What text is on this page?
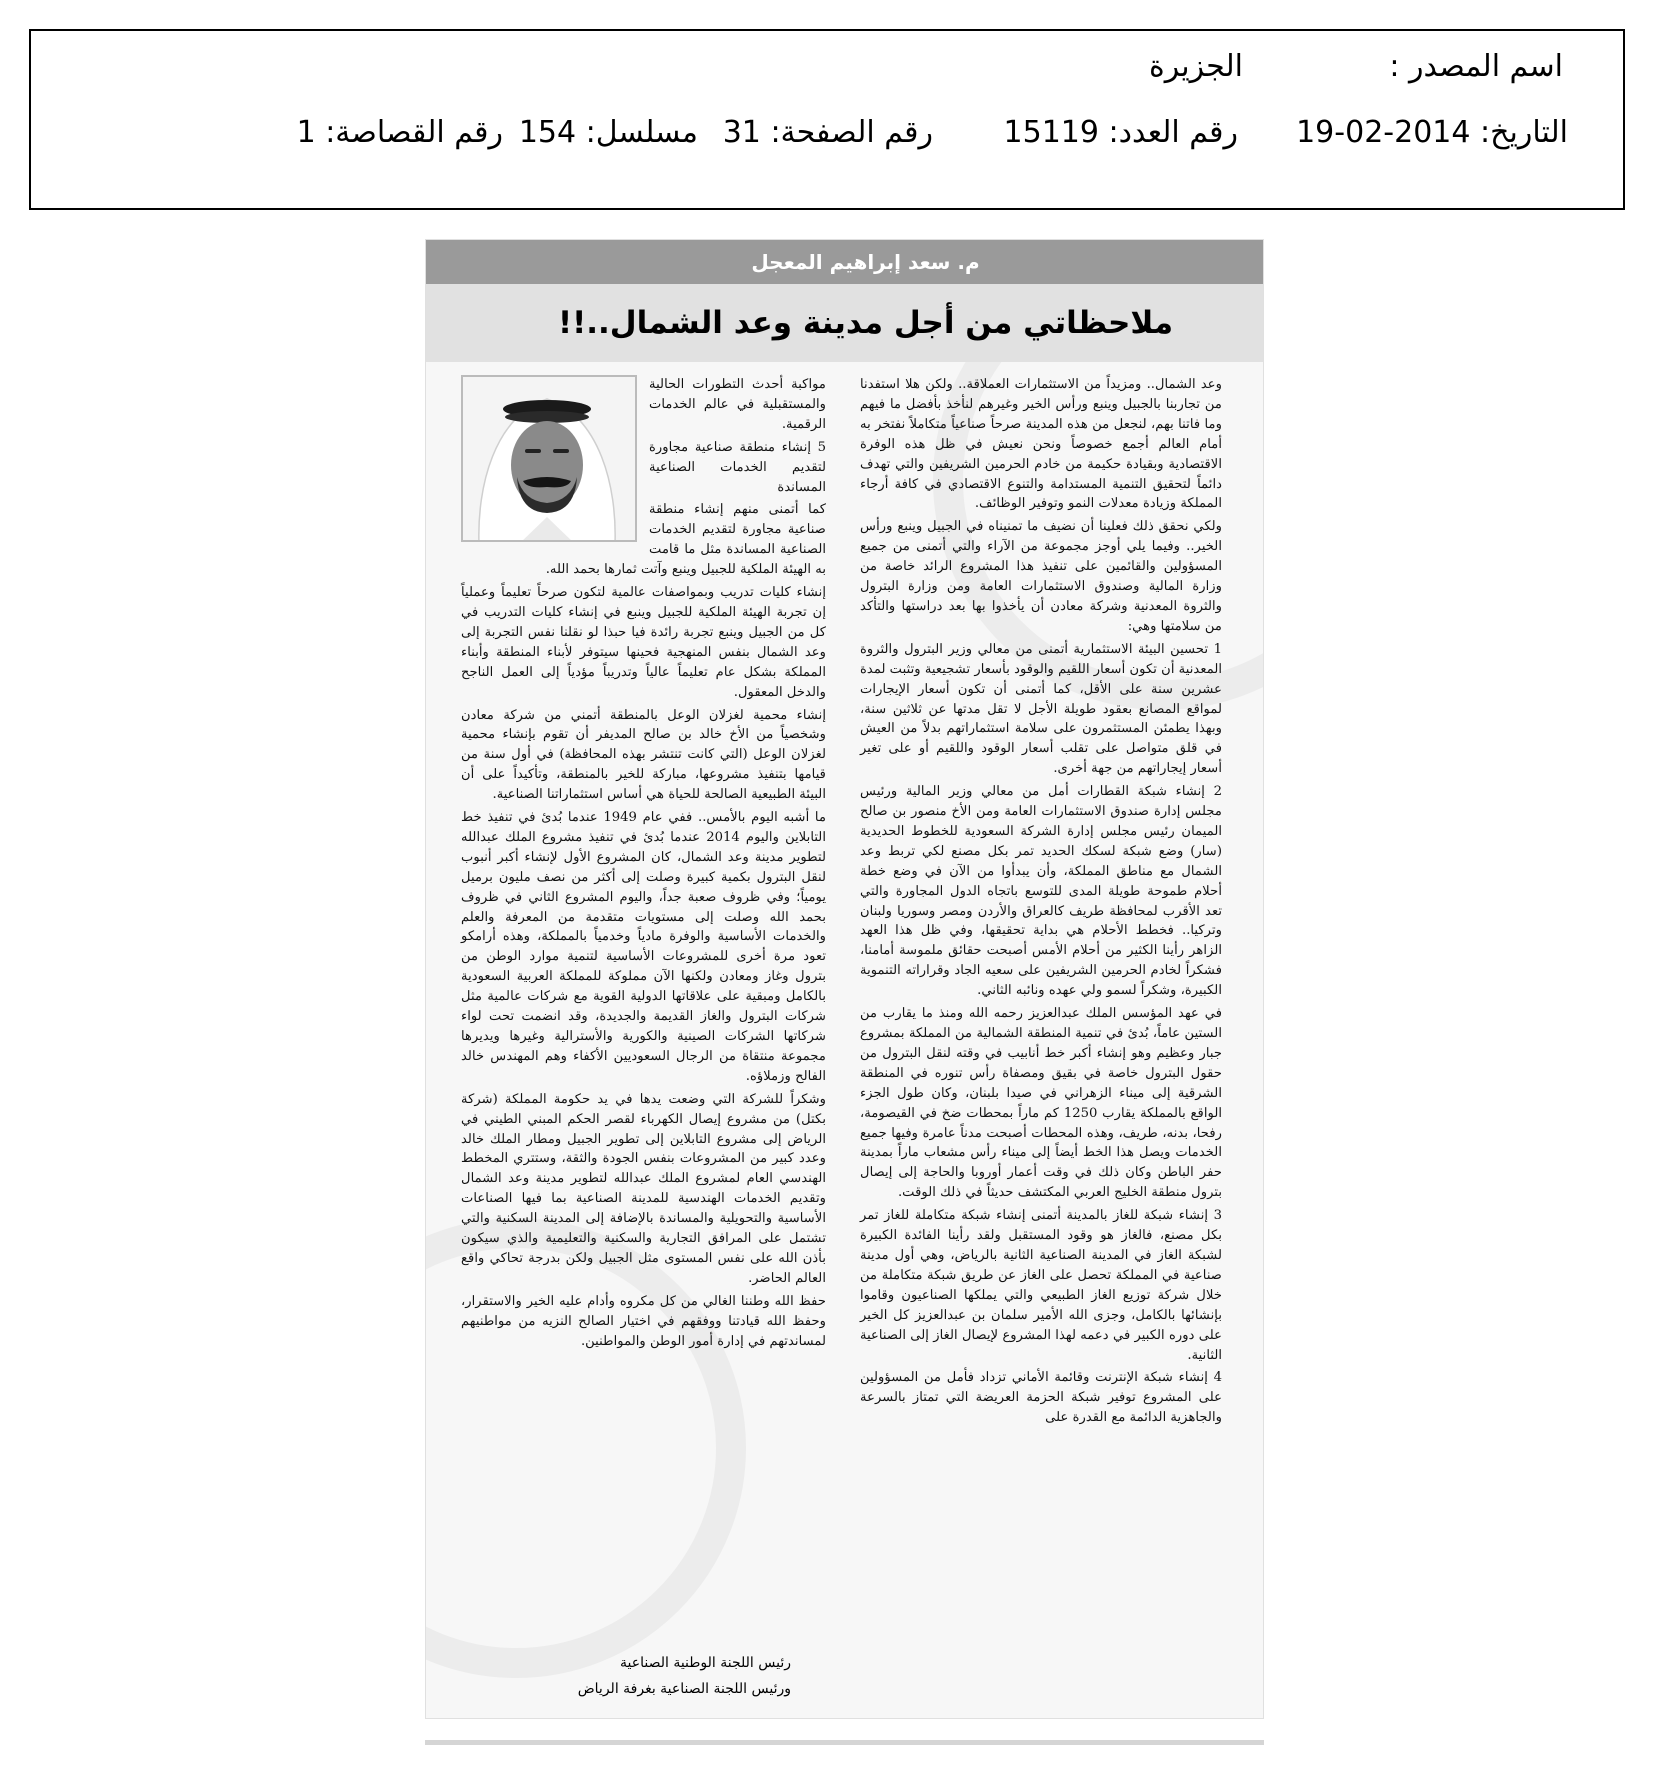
اسم المصدر :
الجزيرة
التاريخ: 2014-02-19
رقم العدد: 15119
رقم الصفحة: 31
مسلسل: 154
رقم القصاصة: 1
م. سعد إبراهيم المعجل
ملاحظاتي من أجل مدينة وعد الشمال..!!

وعد الشمال.. ومزيداً من الاستثمارات العملاقة.. ولكن هلا استفدنا من تجاربنا بالجبيل وينبع ورأس الخير وغيرهم لنأخذ بأفضل ما فيهم وما فاتنا بهم، لنجعل من هذه المدينة صرحاً صناعياً متكاملاً نفتخر به أمام العالم أجمع خصوصاً ونحن نعيش في ظل هذه الوفرة الاقتصادية وبقيادة حكيمة من خادم الحرمين الشريفين والتي تهدف دائماً لتحقيق التنمية المستدامة والتنوع الاقتصادي في كافة أرجاء المملكة وزيادة معدلات النمو وتوفير الوظائف.

ولكي نحقق ذلك فعلينا أن نضيف ما تمنيناه في الجبيل وينبع ورأس الخير.. وفيما يلي أوجز مجموعة من الآراء والتي أتمنى من جميع المسؤولين والقائمين على تنفيذ هذا المشروع الرائد خاصة من وزارة المالية وصندوق الاستثمارات العامة ومن وزارة البترول والثروة المعدنية وشركة معادن أن يأخذوا بها بعد دراستها والتأكد من سلامتها وهي:

1 تحسين البيئة الاستثمارية أتمنى من معالي وزير البترول والثروة المعدنية أن تكون أسعار اللقيم والوقود بأسعار تشجيعية وتثبت لمدة عشرين سنة على الأقل، كما أتمنى أن تكون أسعار الإيجارات لمواقع المصانع بعقود طويلة الأجل لا تقل مدتها عن ثلاثين سنة، وبهذا يطمئن المستثمرون على سلامة استثماراتهم بدلاً من العيش في قلق متواصل على تقلب أسعار الوقود واللقيم أو على تغير أسعار إيجاراتهم من جهة أخرى.

2 إنشاء شبكة القطارات أمل من معالي وزير المالية ورئيس مجلس إدارة صندوق الاستثمارات العامة ومن الأخ منصور بن صالح الميمان رئيس مجلس إدارة الشركة السعودية للخطوط الحديدية (سار) وضع شبكة لسكك الحديد تمر بكل مصنع لكي تربط وعد الشمال مع مناطق المملكة، وأن يبدأوا من الآن في وضع خطة أحلام طموحة طويلة المدى للتوسع باتجاه الدول المجاورة والتي تعد الأقرب لمحافظة طريف كالعراق والأردن ومصر وسوريا ولبنان وتركيا.. فخطط الأحلام هي بداية تحقيقها، وفي ظل هذا العهد الزاهر رأينا الكثير من أحلام الأمس أصبحت حقائق ملموسة أمامنا، فشكراً لخادم الحرمين الشريفين على سعيه الجاد وقراراته التنموية الكبيرة، وشكراً لسمو ولي عهده ونائبه الثاني.

في عهد المؤسس الملك عبدالعزيز رحمه الله ومنذ ما يقارب من الستين عاماً، بُدئ في تنمية المنطقة الشمالية من المملكة بمشروع جبار وعظيم وهو إنشاء أكبر خط أنابيب في وقته لنقل البترول من حقول البترول خاصة في بقيق ومصفاة رأس تنوره في المنطقة الشرقية إلى ميناء الزهراني في صيدا بلبنان، وكان طول الجزء الواقع بالمملكة يقارب 1250 كم ماراً بمحطات ضخ في القيصومة، رفحا، بدنه، طريف، وهذه المحطات أصبحت مدناً عامرة وفيها جميع الخدمات ويصل هذا الخط أيضاً إلى ميناء رأس مشعاب ماراً بمدينة حفر الباطن وكان ذلك في وقت أعمار أوروبا والحاجة إلى إيصال بترول منطقة الخليج العربي المكتشف حديثاً في ذلك الوقت.

3 إنشاء شبكة للغاز بالمدينة أتمنى إنشاء شبكة متكاملة للغاز تمر بكل مصنع، فالغاز هو وقود المستقبل ولقد رأينا الفائدة الكبيرة لشبكة الغاز في المدينة الصناعية الثانية بالرياض، وهي أول مدينة صناعية في المملكة تحصل على الغاز عن طريق شبكة متكاملة من خلال شركة توزيع الغاز الطبيعي والتي يملكها الصناعيون وقاموا بإنشائها بالكامل، وجزى الله الأمير سلمان بن عبدالعزيز كل الخير على دوره الكبير في دعمه لهذا المشروع لإيصال الغاز إلى الصناعية الثانية.

4 إنشاء شبكة الإنترنت وقائمة الأماني تزداد فأمل من المسؤولين على المشروع توفير شبكة الحزمة العريضة التي تمتاز بالسرعة والجاهزية الدائمة مع القدرة على

مواكبة أحدث التطورات الحالية والمستقبلية في عالم الخدمات الرقمية.

5 إنشاء منطقة صناعية مجاورة لتقديم الخدمات الصناعية المساندة

كما أتمنى منهم إنشاء منطقة صناعية مجاورة لتقديم الخدمات الصناعية المساندة مثل ما قامت به الهيئة الملكية للجبيل وينبع وآتت ثمارها بحمد الله.

إنشاء كليات تدريب وبمواصفات عالمية لتكون صرحاً تعليماً وعملياً إن تجربة الهيئة الملكية للجبيل وينبع في إنشاء كليات التدريب في كل من الجبيل وينبع تجربة رائدة فيا حبذا لو نقلنا نفس التجربة إلى وعد الشمال بنفس المنهجية فحينها سيتوفر لأبناء المنطقة وأبناء المملكة بشكل عام تعليماً عالياً وتدريباً مؤدياً إلى العمل الناجح والدخل المعقول.

إنشاء محمية لغزلان الوعل بالمنطقة أتمني من شركة معادن وشخصياً من الأخ خالد بن صالح المديفر أن تقوم بإنشاء محمية لغزلان الوعل (التي كانت تنتشر بهذه المحافظة) في أول سنة من قيامها بتنفيذ مشروعها، مباركة للخير بالمنطقة، وتأكيداً على أن البيئة الطبيعية الصالحة للحياة هي أساس استثماراتنا الصناعية.

ما أشبه اليوم بالأمس.. ففي عام 1949 عندما بُدئ في تنفيذ خط التابلاين واليوم 2014 عندما بُدئ في تنفيذ مشروع الملك عبدالله لتطوير مدينة وعد الشمال، كان المشروع الأول لإنشاء أكبر أنبوب لنقل البترول بكمية كبيرة وصلت إلى أكثر من نصف مليون برميل يومياً؛ وفي ظروف صعبة جداً، واليوم المشروع الثاني في ظروف بحمد الله وصلت إلى مستويات متقدمة من المعرفة والعلم والخدمات الأساسية والوفرة مادياً وخدمياً بالمملكة، وهذه أرامكو تعود مرة أخرى للمشروعات الأساسية لتنمية موارد الوطن من بترول وغاز ومعادن ولكنها الآن مملوكة للمملكة العربية السعودية بالكامل ومبقية على علاقاتها الدولية القوية مع شركات عالمية مثل شركات البترول والغاز القديمة والجديدة، وقد انضمت تحت لواء شركاتها الشركات الصينية والكورية والأسترالية وغيرها ويديرها مجموعة منتقاة من الرجال السعوديين الأكفاء وهم المهندس خالد الفالح وزملاؤه.

وشكراً للشركة التي وضعت يدها في يد حكومة المملكة (شركة بكتل) من مشروع إيصال الكهرباء لقصر الحكم المبني الطيني في الرياض إلى مشروع التابلاين إلى تطوير الجبيل ومطار الملك خالد وعدد كبير من المشروعات بنفس الجودة والثقة، وستتري المخطط الهندسي العام لمشروع الملك عبدالله لتطوير مدينة وعد الشمال وتقديم الخدمات الهندسية للمدينة الصناعية بما فيها الصناعات الأساسية والتحويلية والمساندة بالإضافة إلى المدينة السكنية والتي تشتمل على المرافق التجارية والسكنية والتعليمية والذي سيكون بأذن الله على نفس المستوى مثل الجبيل ولكن بدرجة تحاكي واقع العالم الحاضر.

حفظ الله وطننا الغالي من كل مكروه وأدام عليه الخير والاستقرار، وحفظ الله قيادتنا ووفقهم في اختيار الصالح النزيه من مواطنيهم لمساندتهم في إدارة أمور الوطن والمواطنين.

رئيس اللجنة الوطنية الصناعية
ورئيس اللجنة الصناعية بغرفة الرياض
